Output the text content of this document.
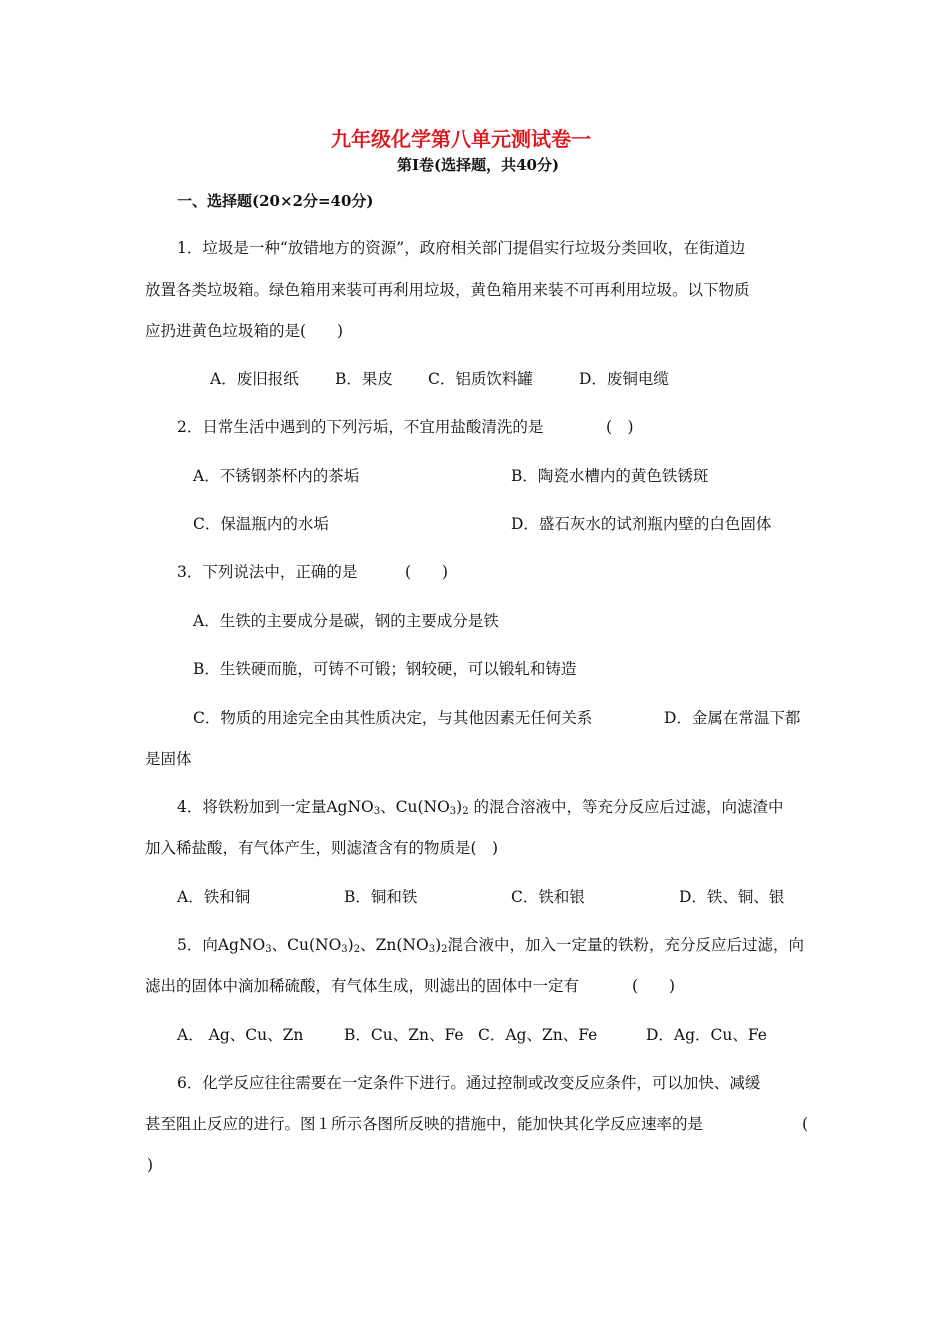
九年级化学第八单元测试卷一
第Ⅰ卷(选择题，共40分)
一、选择题(20×2分=40分)
1．垃圾是一种“放错地方的资源”，政府相关部门提倡实行垃圾分类回收，在街道边
放置各类垃圾箱。绿色箱用来装可再利用垃圾，黄色箱用来装不可再利用垃圾。以下物质
应扔进黄色垃圾箱的是(　　)
A．废旧报纸 B．果皮 C．铝质饮料罐	D．废铜电缆
2．日常生活中遇到的下列污垢，不宜用盐酸清洗的是	(　)
A．不锈钢茶杯内的茶垢	B．陶瓷水槽内的黄色铁锈斑
C．保温瓶内的水垢	D．盛石灰水的试剂瓶内壁的白色固体
3．下列说法中，正确的是	(　　)
A．生铁的主要成分是碳，钢的主要成分是铁
B．生铁硬而脆，可铸不可锻；钢较硬，可以锻轧和铸造
C．物质的用途完全由其性质决定，与其他因素无任何关系	D．金属在常温下都
是固体
4．将铁粉加到一定量AgNO$_3$、$Cu(NO_3)_2$ 的混合溶液中，等充分反应后过滤，向滤渣中
加入稀盐酸，有气体产生，则滤渣含有的物质是(　)
A．铁和铜	B．铜和铁	C．铁和银	D．铁、铜、银
5．向AgNO$_3$、$Cu(NO_3)_2$、$Zn(NO_3)_2$混合液中，加入一定量的铁粉，充分反应后过滤，向
滤出的固体中滴加稀硫酸，有气体生成，则滤出的固体中一定有	(　　)
A． Ag、Cu、Zn	B．Cu、Zn、Fe C．Ag、Zn、Fe	D．Ag．Cu、Fe
6．化学反应往往需要在一定条件下进行。通过控制或改变反应条件，可以加快、减缓
甚至阻止反应的进行。图１所示各图所反映的措施中，能加快其化学反应速率的是	(
)
